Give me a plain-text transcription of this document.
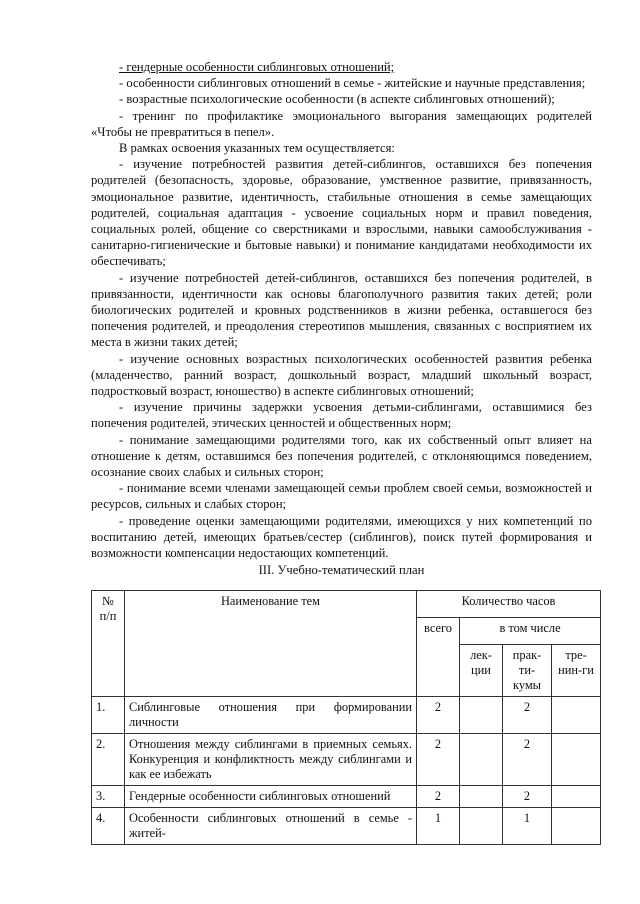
- гендерные особенности сиблинговых отношений;

- особенности сиблинговых отношений в семье - житейские и научные представления;

- возрастные психологические особенности (в аспекте сиблинговых отношений);

- тренинг по профилактике эмоционального выгорания замещающих родителей «Чтобы не превратиться в пепел».

В рамках освоения указанных тем осуществляется:

- изучение потребностей развития детей-сиблингов, оставшихся без попечения родителей (безопасность, здоровье, образование, умственное развитие, привязанность, эмоциональное развитие, идентичность, стабильные отношения в семье замещающих родителей, социальная адаптация - усвоение социальных норм и правил поведения, социальных ролей, общение со сверстниками и взрослыми, навыки самообслуживания - санитарно-гигиенические и бытовые навыки) и понимание кандидатами необходимости их обеспечивать;

- изучение потребностей детей-сиблингов, оставшихся без попечения родителей, в привязанности, идентичности как основы благополучного развития таких детей; роли биологических родителей и кровных родственников в жизни ребенка, оставшегося без попечения родителей, и преодоления стереотипов мышления, связанных с восприятием их места в жизни таких детей;

- изучение основных возрастных психологических особенностей развития ребенка (младенчество, ранний возраст, дошкольный возраст, младший школьный возраст, подростковый возраст, юношество) в аспекте сиблинговых отношений;

- изучение причины задержки усвоения детьми-сиблингами, оставшимися без попечения родителей, этических ценностей и общественных норм;

- понимание замещающими родителями того, как их собственный опыт влияет на отношение к детям, оставшимся без попечения родителей, с отклоняющимся поведением, осознание своих слабых и сильных сторон;

- понимание всеми членами замещающей семьи проблем своей семьи, возможностей и ресурсов, сильных и слабых сторон;

- проведение оценки замещающими родителями, имеющихся у них компетенций по воспитанию детей, имеющих братьев/сестер (сиблингов), поиск путей формирования и возможности компенсации недостающих компетенций.

III. Учебно-тематический план
№ п/п	Наименование тем	Количество часов			
		всего	в том числе		
			лек-ции	прак-ти-кумы	тре-нин-ги
1.	Сиблинговые отношения при формировании личности	2		2	
2.	Отношения между сиблингами в приемных семьях. Конкуренция и конфликтность между сиблингами и как ее избежать	2		2	
3.	Гендерные особенности сиблинговых отношений	2		2	
4.	Особенности сиблинговых отношений в семье - житей-	1		1	
